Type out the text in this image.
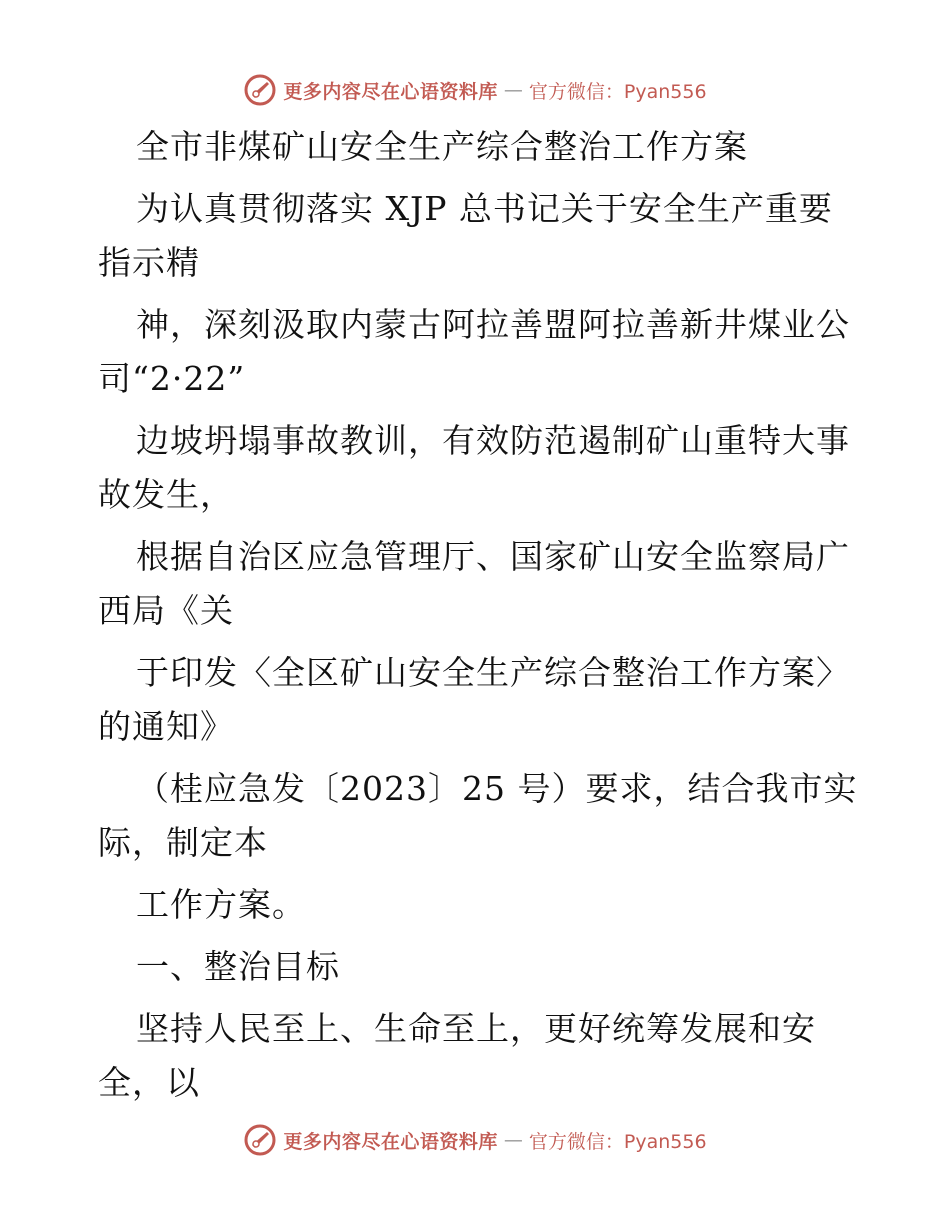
更多内容尽在心语资料库 — 官方微信：Pyan556
全市非煤矿山安全生产综合整治工作方案
为认真贯彻落实 XJP 总书记关于安全生产重要
指示精
神，深刻汲取内蒙古阿拉善盟阿拉善新井煤业公
司“2·22”
边坡坍塌事故教训，有效防范遏制矿山重特大事
故发生，
根据自治区应急管理厅、国家矿山安全监察局广
西局《关
于印发〈全区矿山安全生产综合整治工作方案〉
的通知》
（桂应急发〔2023〕25 号）要求，结合我市实
际，制定本
工作方案。
一、整治目标
坚持人民至上、生命至上，更好统筹发展和安
全，以
更多内容尽在心语资料库 — 官方微信：Pyan556
